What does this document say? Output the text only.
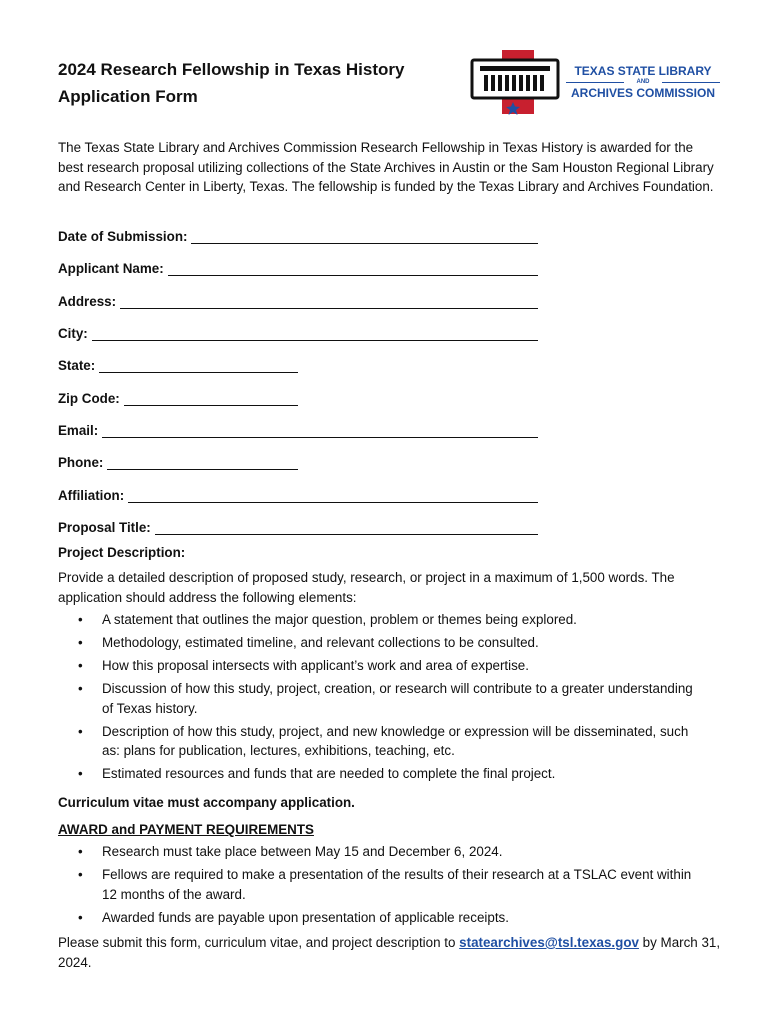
2024 Research Fellowship in Texas History
Application Form
TEXAS STATE LIBRARY
AND
ARCHIVES COMMISSION
The Texas State Library and Archives Commission Research Fellowship in Texas History is awarded for the best research proposal utilizing collections of the State Archives in Austin or the Sam Houston Regional Library and Research Center in Liberty, Texas. The fellowship is funded by the Texas Library and Archives Foundation.
Date of Submission:
Applicant Name:
Address:
City:
State:
Zip Code:
Email:
Phone:
Affiliation:
Proposal Title:
Project Description:
Provide a detailed description of proposed study, research, or project in a maximum of 1,500 words. The application should address the following elements:
• A statement that outlines the major question, problem or themes being explored.
• Methodology, estimated timeline, and relevant collections to be consulted.
• How this proposal intersects with applicant’s work and area of expertise.
• Discussion of how this study, project, creation, or research will contribute to a greater understanding of Texas history.
• Description of how this study, project, and new knowledge or expression will be disseminated, such as: plans for publication, lectures, exhibitions, teaching, etc.
• Estimated resources and funds that are needed to complete the final project.
Curriculum vitae must accompany application.
AWARD and PAYMENT REQUIREMENTS
• Research must take place between May 15 and December 6, 2024.
• Fellows are required to make a presentation of the results of their research at a TSLAC event within 12 months of the award.
• Awarded funds are payable upon presentation of applicable receipts.
Please submit this form, curriculum vitae, and project description to statearchives@tsl.texas.gov by March 31, 2024.
